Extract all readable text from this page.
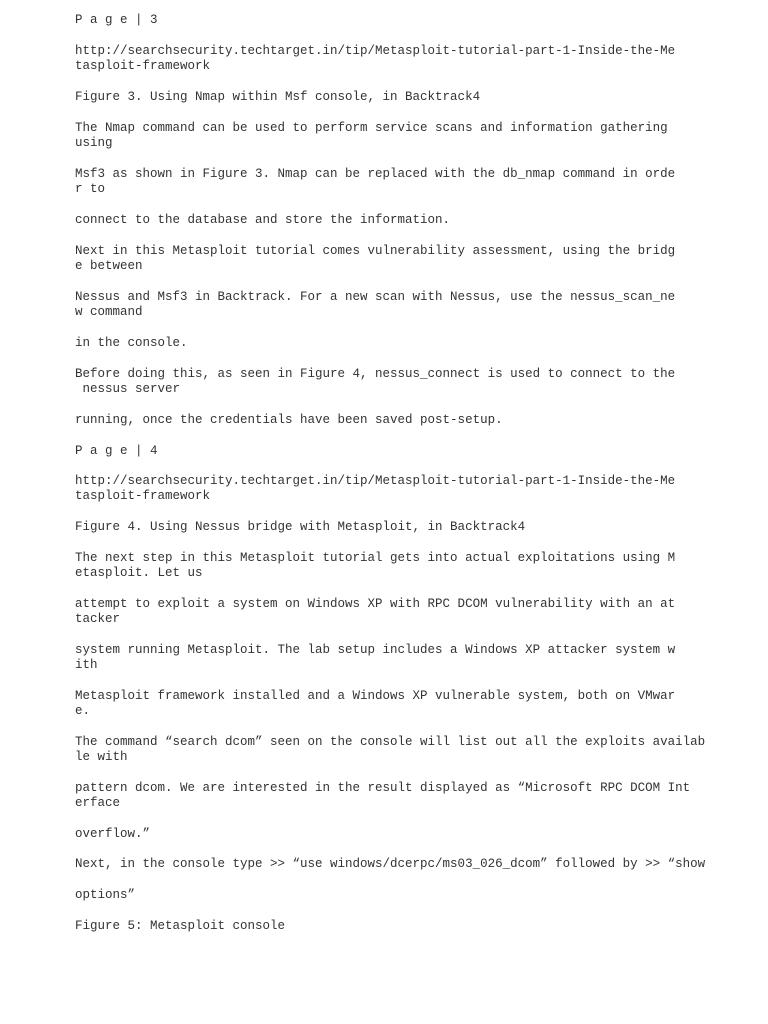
P a g e | 3

http://searchsecurity.techtarget.in/tip/Metasploit-tutorial-part-1-Inside-the-Me
tasploit-framework

Figure 3. Using Nmap within Msf console, in Backtrack4

The Nmap command can be used to perform service scans and information gathering
using

Msf3 as shown in Figure 3. Nmap can be replaced with the db_nmap command in orde
r to

connect to the database and store the information.

Next in this Metasploit tutorial comes vulnerability assessment, using the bridg
e between

Nessus and Msf3 in Backtrack. For a new scan with Nessus, use the nessus_scan_ne
w command

in the console.

Before doing this, as seen in Figure 4, nessus_connect is used to connect to the
nessus server

running, once the credentials have been saved post-setup.

P a g e | 4

http://searchsecurity.techtarget.in/tip/Metasploit-tutorial-part-1-Inside-the-Me
tasploit-framework

Figure 4. Using Nessus bridge with Metasploit, in Backtrack4

The next step in this Metasploit tutorial gets into actual exploitations using M
etasploit. Let us

attempt to exploit a system on Windows XP with RPC DCOM vulnerability with an at
tacker

system running Metasploit. The lab setup includes a Windows XP attacker system w
ith

Metasploit framework installed and a Windows XP vulnerable system, both on VMwar
e.

The command “search dcom” seen on the console will list out all the exploits availab
le with

pattern dcom. We are interested in the result displayed as “Microsoft RPC DCOM Int
erface

overflow.”

Next, in the console type >> “use windows/dcerpc/ms03_026_dcom” followed by >> “show

options”

Figure 5: Metasploit console
